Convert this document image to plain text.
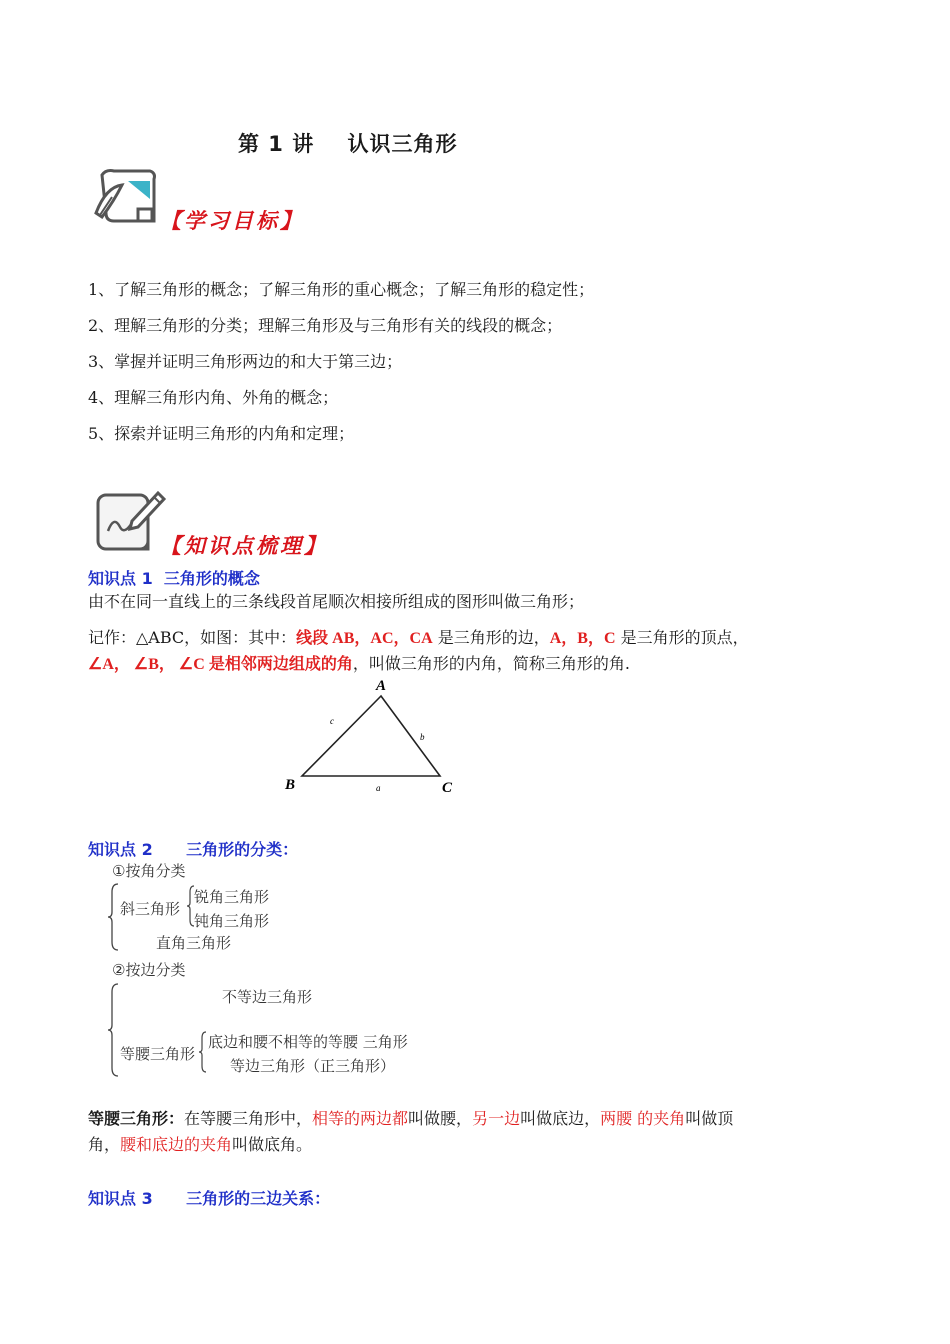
第 1 讲    认识三角形
【学习目标】
1、了解三角形的概念；了解三角形的重心概念；了解三角形的稳定性；
2、理解三角形的分类；理解三角形及与三角形有关的线段的概念；
3、掌握并证明三角形两边的和大于第三边；
4、理解三角形内角、外角的概念；
5、探索并证明三角形的内角和定理；
【知识点梳理】
知识点 1  三角形的概念
由不在同一直线上的三条线段首尾顺次相接所组成的图形叫做三角形；
记作：△ABC，如图：其中：线段 AB，AC，CA 是三角形的边，A，B，C 是三角形的顶点，
∠A， ∠B， ∠C 是相邻两边组成的角，叫做三角形的内角，简称三角形的角.
A
B	C
a
b
c
知识点 2      三角形的分类：
①按角分类
斜三角形
锐角三角形
钝角三角形
直角三角形
②按边分类
不等边三角形
等腰三角形
底边和腰不相等的等腰 三角形
等边三角形（正三角形）
等腰三角形：在等腰三角形中，相等的两边都叫做腰，另一边叫做底边，两腰 的夹角叫做顶
角，腰和底边的夹角叫做底角。
知识点 3      三角形的三边关系：
